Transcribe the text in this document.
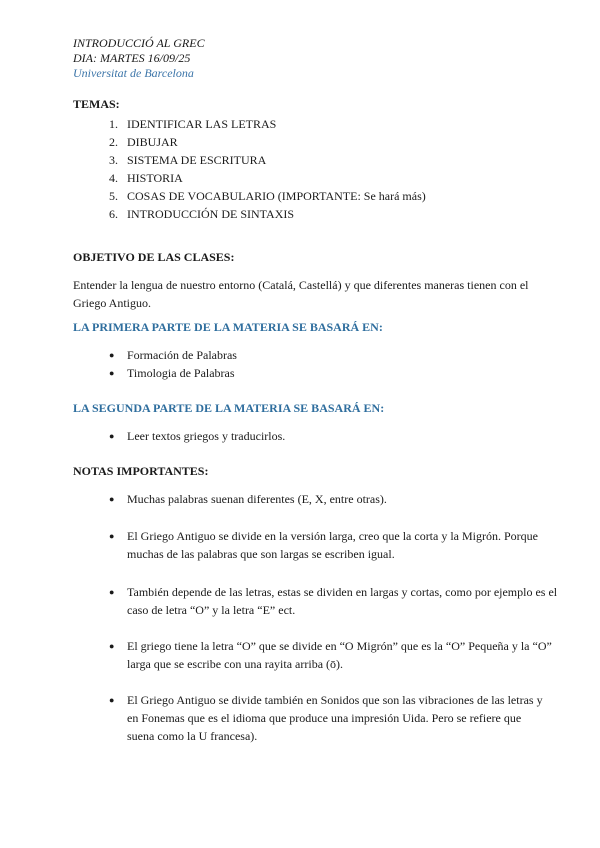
INTRODUCCIÓ AL GREC
DIA: MARTES 16/09/25
Universitat de Barcelona
TEMAS:
1. IDENTIFICAR LAS LETRAS
2. DIBUJAR
3. SISTEMA DE ESCRITURA
4. HISTORIA
5. COSAS DE VOCABULARIO (IMPORTANTE: Se hará más)
6. INTRODUCCIÓN DE SINTAXIS
OBJETIVO DE LAS CLASES:
Entender la lengua de nuestro entorno (Catalá, Castellá) y que diferentes maneras tienen con el
Griego Antiguo.
LA PRIMERA PARTE DE LA MATERIA SE BASARÁ EN:
● Formación de Palabras
● Timologia de Palabras
LA SEGUNDA PARTE DE LA MATERIA SE BASARÁ EN:
● Leer textos griegos y traducirlos.
NOTAS IMPORTANTES:
● Muchas palabras suenan diferentes (E, X, entre otras).
● El Griego Antiguo se divide en la versión larga, creo que la corta y la Migrón. Porque
muchas de las palabras que son largas se escriben igual.
● También depende de las letras, estas se dividen en largas y cortas, como por ejemplo es el
caso de letra “O” y la letra “E” ect.
● El griego tiene la letra “O” que se divide en “O Migrón” que es la “O” Pequeña y la “O”
larga que se escribe con una rayita arriba (ō).
● El Griego Antiguo se divide también en Sonidos que son las vibraciones de las letras y
en Fonemas que es el idioma que produce una impresión Uida. Pero se refiere que
suena como la U francesa).
